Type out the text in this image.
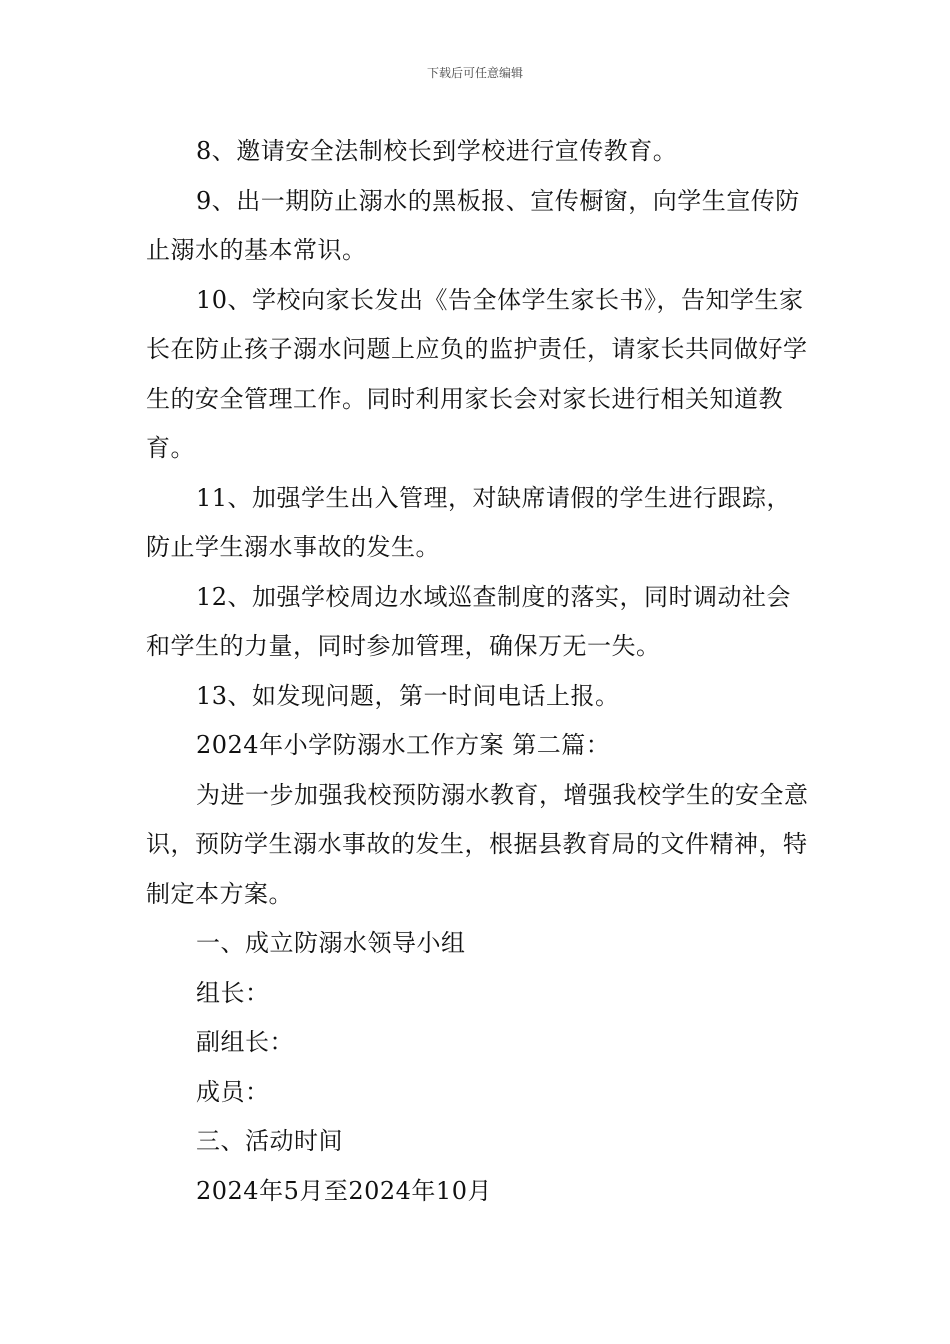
下载后可任意编辑

8、邀请安全法制校长到学校进行宣传教育。

9、出一期防止溺水的黑板报、宣传橱窗，向学生宣传防止溺水的基本常识。

10、学校向家长发出《告全体学生家长书》，告知学生家长在防止孩子溺水问题上应负的监护责任，请家长共同做好学生的安全管理工作。同时利用家长会对家长进行相关知道教育。

11、加强学生出入管理，对缺席请假的学生进行跟踪，防止学生溺水事故的发生。

12、加强学校周边水域巡查制度的落实，同时调动社会和学生的力量，同时参加管理，确保万无一失。

13、如发现问题，第一时间电话上报。

2024年小学防溺水工作方案 第二篇：

为进一步加强我校预防溺水教育，增强我校学生的安全意识，预防学生溺水事故的发生，根据县教育局的文件精神，特制定本方案。

一、成立防溺水领导小组

组长：

副组长：

成员：

三、活动时间

2024年5月至2024年10月
